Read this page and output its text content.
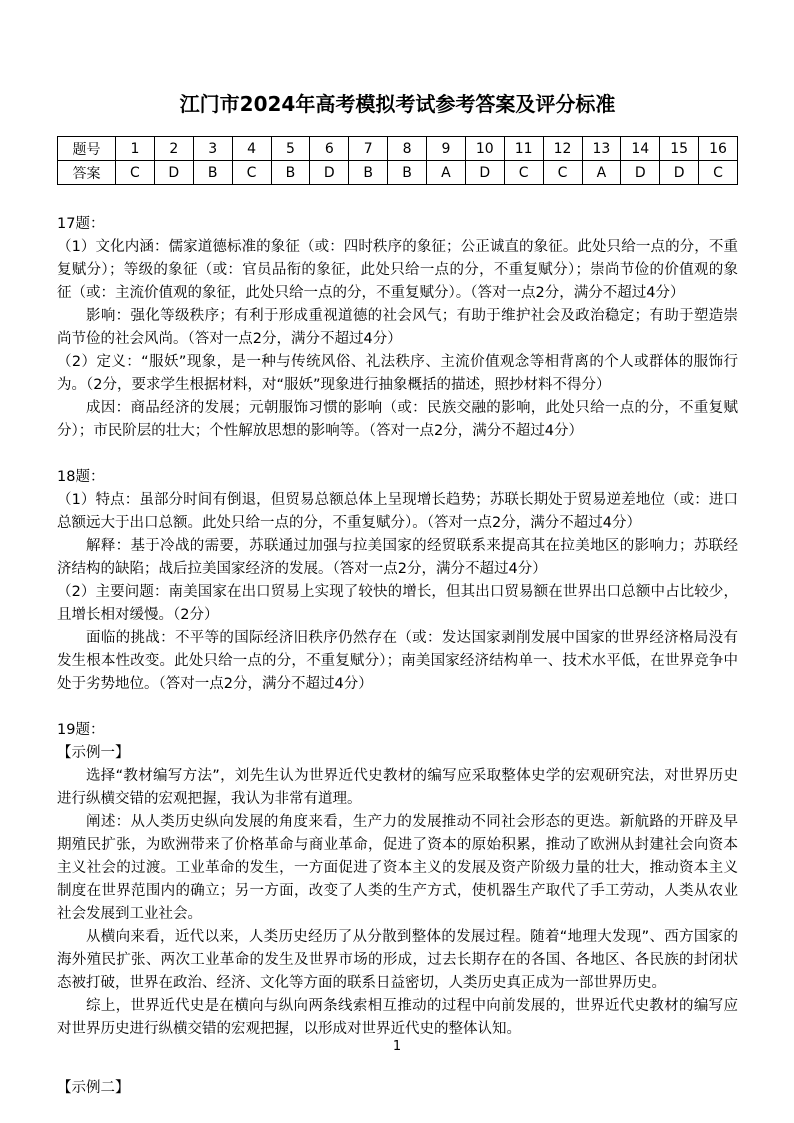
江门市2024年高考模拟考试参考答案及评分标准
题号	1	2	3	4	5	6	7	8	9	10	11	12	13	14	15	16
答案	C	D	B	C	B	D	B	B	A	D	C	C	A	D	D	C

17题：

（1）文化内涵：儒家道德标准的象征（或：四时秩序的象征；公正诚直的象征。此处只给一点的分，不重复赋分）；等级的象征（或：官员品衔的象征，此处只给一点的分，不重复赋分）；崇尚节俭的价值观的象征（或：主流价值观的象征，此处只给一点的分，不重复赋分）。（答对一点2分，满分不超过4分）

影响：强化等级秩序；有利于形成重视道德的社会风气；有助于维护社会及政治稳定；有助于塑造崇尚节俭的社会风尚。（答对一点2分，满分不超过4分）

（2）定义：“服妖”现象，是一种与传统风俗、礼法秩序、主流价值观念等相背离的个人或群体的服饰行为。（2分，要求学生根据材料，对“服妖”现象进行抽象概括的描述，照抄材料不得分）

成因：商品经济的发展；元朝服饰习惯的影响（或：民族交融的影响，此处只给一点的分，不重复赋分）；市民阶层的壮大；个性解放思想的影响等。（答对一点2分，满分不超过4分）

18题：

（1）特点：虽部分时间有倒退，但贸易总额总体上呈现增长趋势；苏联长期处于贸易逆差地位（或：进口总额远大于出口总额。此处只给一点的分，不重复赋分）。（答对一点2分，满分不超过4分）

解释：基于冷战的需要，苏联通过加强与拉美国家的经贸联系来提高其在拉美地区的影响力；苏联经济结构的缺陷；战后拉美国家经济的发展。（答对一点2分，满分不超过4分）

（2）主要问题：南美国家在出口贸易上实现了较快的增长，但其出口贸易额在世界出口总额中占比较少，且增长相对缓慢。（2分）

面临的挑战：不平等的国际经济旧秩序仍然存在（或：发达国家剥削发展中国家的世界经济格局没有发生根本性改变。此处只给一点的分，不重复赋分）；南美国家经济结构单一、技术水平低，在世界竞争中处于劣势地位。（答对一点2分，满分不超过4分）

19题：

【示例一】

选择“教材编写方法”，刘先生认为世界近代史教材的编写应采取整体史学的宏观研究法，对世界历史进行纵横交错的宏观把握，我认为非常有道理。

阐述：从人类历史纵向发展的角度来看，生产力的发展推动不同社会形态的更迭。新航路的开辟及早期殖民扩张，为欧洲带来了价格革命与商业革命，促进了资本的原始积累，推动了欧洲从封建社会向资本主义社会的过渡。工业革命的发生，一方面促进了资本主义的发展及资产阶级力量的壮大，推动资本主义制度在世界范围内的确立；另一方面，改变了人类的生产方式，使机器生产取代了手工劳动，人类从农业社会发展到工业社会。

从横向来看，近代以来，人类历史经历了从分散到整体的发展过程。随着“地理大发现”、西方国家的海外殖民扩张、两次工业革命的发生及世界市场的形成，过去长期存在的各国、各地区、各民族的封闭状态被打破，世界在政治、经济、文化等方面的联系日益密切，人类历史真正成为一部世界历史。

综上，世界近代史是在横向与纵向两条线索相互推动的过程中向前发展的，世界近代史教材的编写应对世界历史进行纵横交错的宏观把握，以形成对世界近代史的整体认知。

【示例二】

1
